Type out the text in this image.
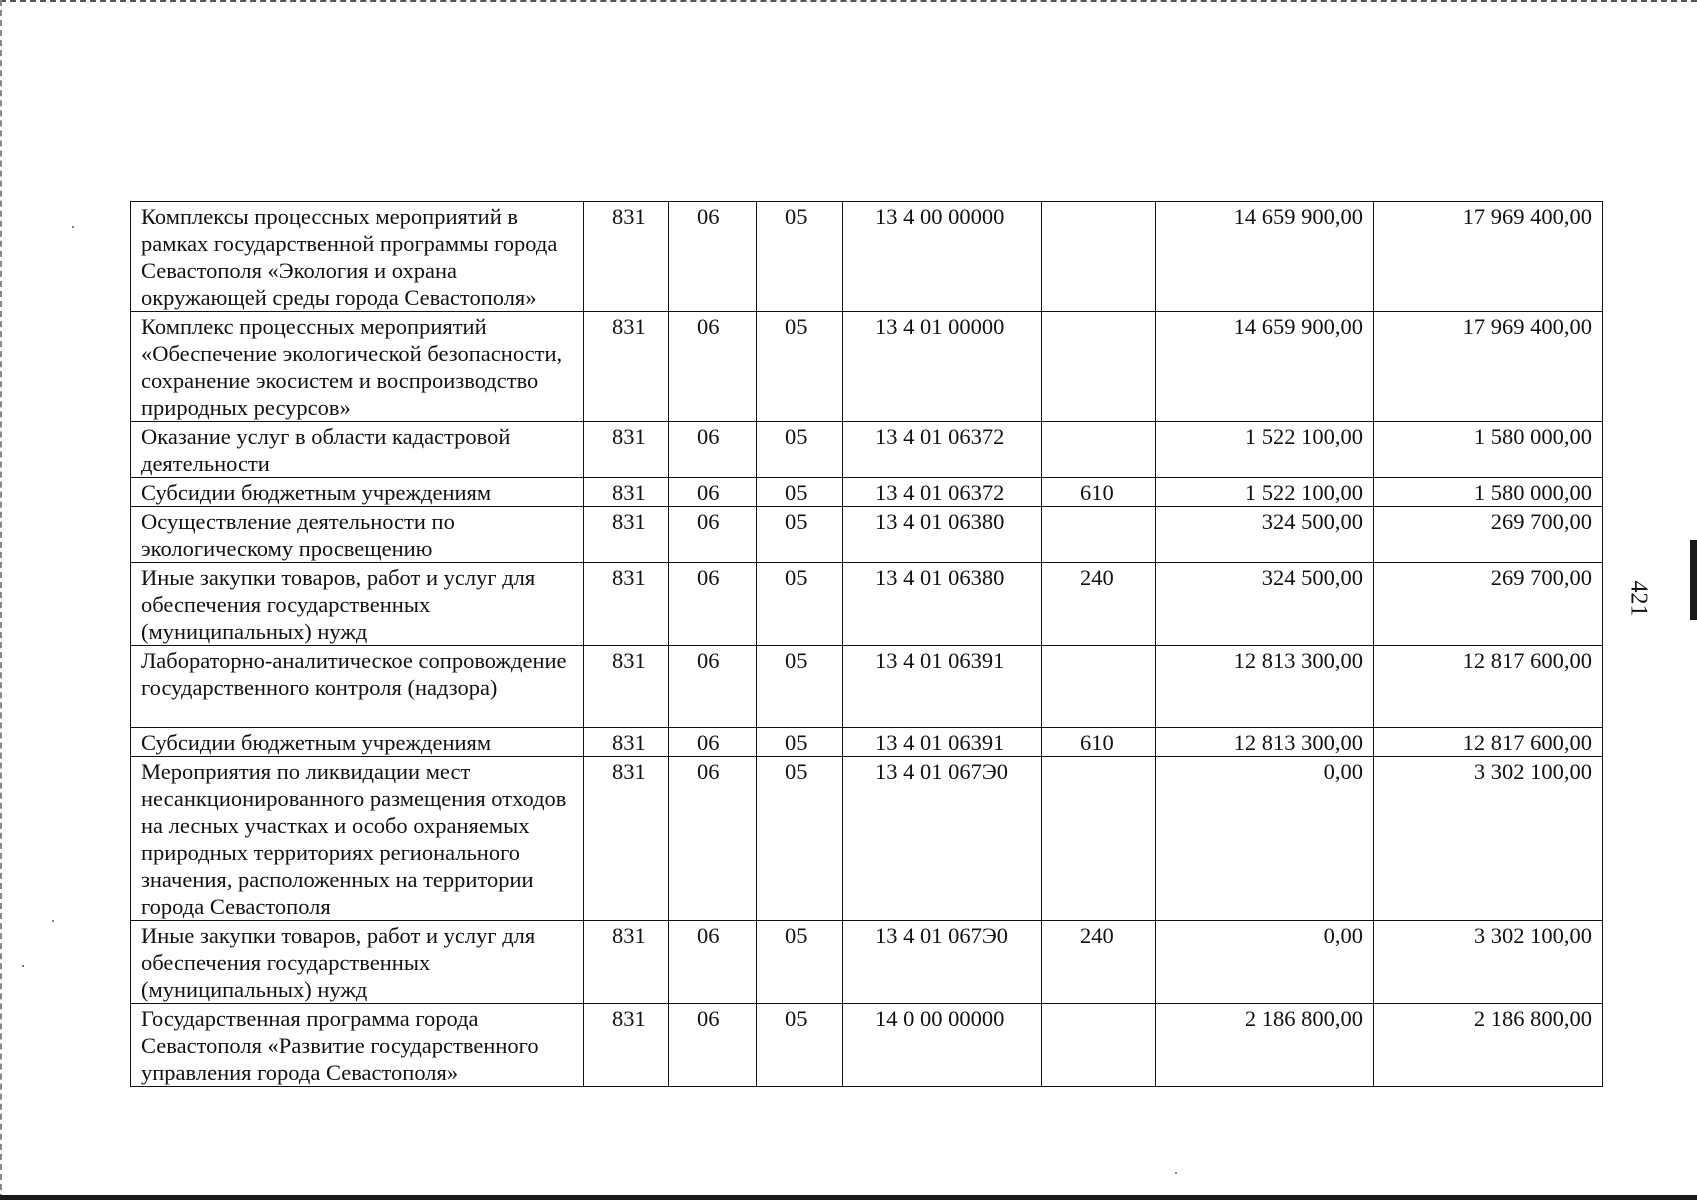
Комплексы процессных мероприятий в рамках государственной программы города Севастополя «Экология и охрана окружающей среды города Севастополя»	831	06	05	13 4 00 00000		14 659 900,00	17 969 400,00
Комплекс процессных мероприятий «Обеспечение экологической безопасности, сохранение экосистем и воспроизводство природных ресурсов»	831	06	05	13 4 01 00000		14 659 900,00	17 969 400,00
Оказание услуг в области кадастровой деятельности	831	06	05	13 4 01 06372		1 522 100,00	1 580 000,00
Субсидии бюджетным учреждениям	831	06	05	13 4 01 06372	610	1 522 100,00	1 580 000,00
Осуществление деятельности по экологическому просвещению	831	06	05	13 4 01 06380		324 500,00	269 700,00
Иные закупки товаров, работ и услуг для обеспечения государственных (муниципальных) нужд	831	06	05	13 4 01 06380	240	324 500,00	269 700,00
Лабораторно-аналитическое сопровождение государственного контроля (надзора)	831	06	05	13 4 01 06391		12 813 300,00	12 817 600,00
Субсидии бюджетным учреждениям	831	06	05	13 4 01 06391	610	12 813 300,00	12 817 600,00
Мероприятия по ликвидации мест несанкционированного размещения отходов на лесных участках и особо охраняемых природных территориях регионального значения, расположенных на территории города Севастополя	831	06	05	13 4 01 067Э0		0,00	3 302 100,00
Иные закупки товаров, работ и услуг для обеспечения государственных (муниципальных) нужд	831	06	05	13 4 01 067Э0	240	0,00	3 302 100,00
Государственная программа города Севастополя «Развитие государственного управления города Севастополя»	831	06	05	14 0 00 00000		2 186 800,00	2 186 800,00
421
